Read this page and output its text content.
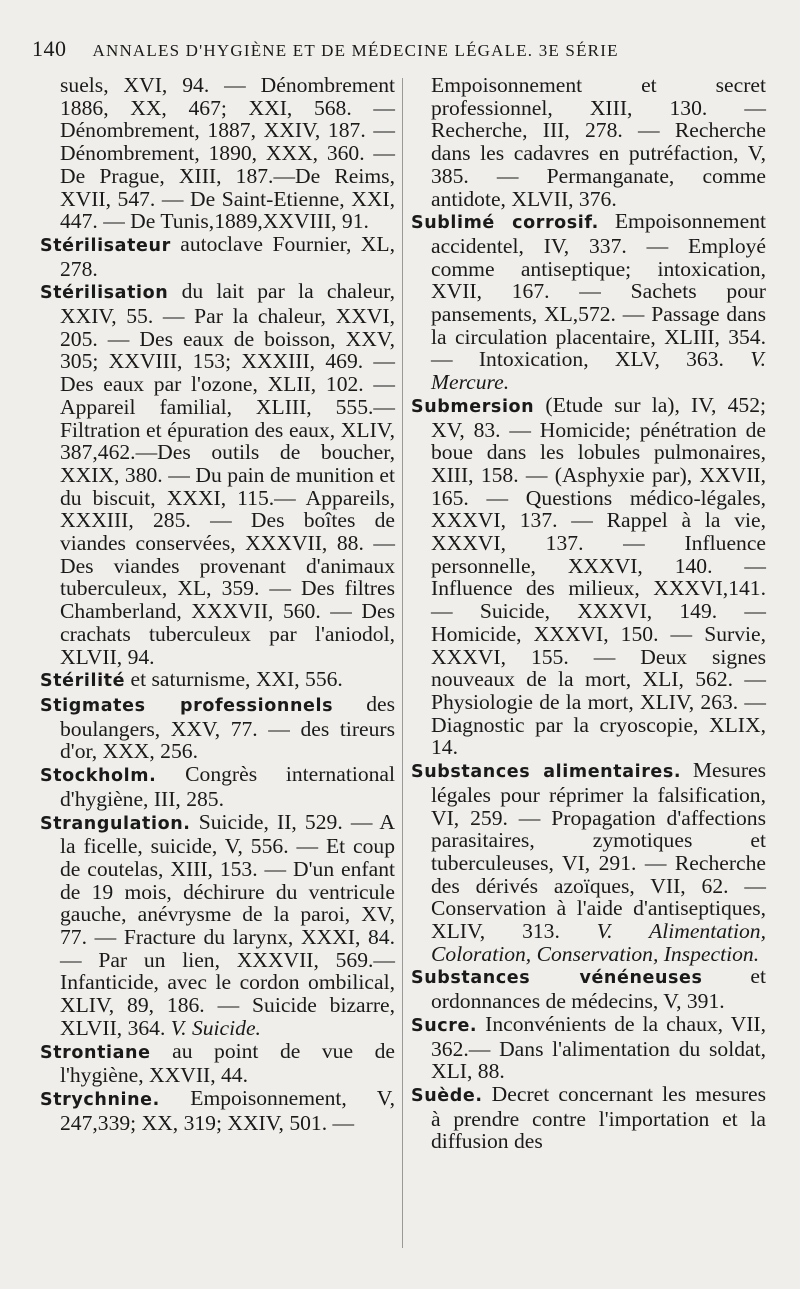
140 ANNALES D'HYGIÈNE ET DE MÉDECINE LÉGALE. 3E SÉRIE

suels, XVI, 94. — Dénombrement 1886, XX, 467; XXI, 568. —Dénombrement, 1887, XXIV, 187. — Dénombrement, 1890, XXX, 360. — De Prague, XIII, 187.—De Reims, XVII, 547. — De Saint-Etienne, XXI, 447. — De Tunis,1889,XXVIII, 91.

Stérilisateur autoclave Fournier, XL, 278.

Stérilisation du lait par la chaleur, XXIV, 55. — Par la chaleur, XXVI, 205. — Des eaux de boisson, XXV, 305; XXVIII, 153; XXXIII, 469. — Des eaux par l'ozone, XLII, 102. — Appareil familial, XLIII, 555.— Filtration et épuration des eaux, XLIV, 387,462.—Des outils de boucher, XXIX, 380. — Du pain de munition et du biscuit, XXXI, 115.— Appareils, XXXIII, 285. — Des boîtes de viandes conservées, XXXVII, 88. — Des viandes provenant d'animaux tuberculeux, XL, 359. — Des filtres Chamberland, XXXVII, 560. — Des crachats tuberculeux par l'aniodol, XLVII, 94.

Stérilité et saturnisme, XXI, 556.

Stigmates professionnels des boulangers, XXV, 77. — des tireurs d'or, XXX, 256.

Stockholm. Congrès international d'hygiène, III, 285.

Strangulation. Suicide, II, 529. — A la ficelle, suicide, V, 556. — Et coup de coutelas, XIII, 153. — D'un enfant de 19 mois, déchirure du ventricule gauche, anévrysme de la paroi, XV, 77. — Fracture du larynx, XXXI, 84. — Par un lien, XXXVII, 569.— Infanticide, avec le cordon ombilical, XLIV, 89, 186. — Suicide bizarre, XLVII, 364. V. Suicide.

Strontiane au point de vue de l'hygiène, XXVII, 44.

Strychnine. Empoisonnement, V, 247,339; XX, 319; XXIV, 501. —

Empoisonnement et secret professionnel, XIII, 130. — Recherche, III, 278. — Recherche dans les cadavres en putréfaction, V, 385. — Permanganate, comme antidote, XLVII, 376.

Sublimé corrosif. Empoisonnement accidentel, IV, 337. — Employé comme antiseptique; intoxication, XVII, 167. — Sachets pour pansements, XL,572. — Passage dans la circulation placentaire, XLIII, 354. — Intoxication, XLV, 363. V. Mercure.

Submersion (Etude sur la), IV, 452; XV, 83. — Homicide; pénétration de boue dans les lobules pulmonaires, XIII, 158. — (Asphyxie par), XXVII, 165. — Questions médico-légales, XXXVI, 137. — Rappel à la vie, XXXVI, 137. — Influence personnelle, XXXVI, 140. — Influence des milieux, XXXVI,141. — Suicide, XXXVI, 149. — Homicide, XXXVI, 150. — Survie, XXXVI, 155. — Deux signes nouveaux de la mort, XLI, 562. — Physiologie de la mort, XLIV, 263. — Diagnostic par la cryoscopie, XLIX, 14.

Substances alimentaires. Mesures légales pour réprimer la falsification, VI, 259. — Propagation d'affections parasitaires, zymotiques et tuberculeuses, VI, 291. — Recherche des dérivés azoïques, VII, 62. — Conservation à l'aide d'antiseptiques, XLIV, 313. V. Alimentation, Coloration, Conservation, Inspection.

Substances vénéneuses et ordonnances de médecins, V, 391.

Sucre. Inconvénients de la chaux, VII, 362.— Dans l'alimentation du soldat, XLI, 88.

Suède. Decret concernant les mesures à prendre contre l'importation et la diffusion des
